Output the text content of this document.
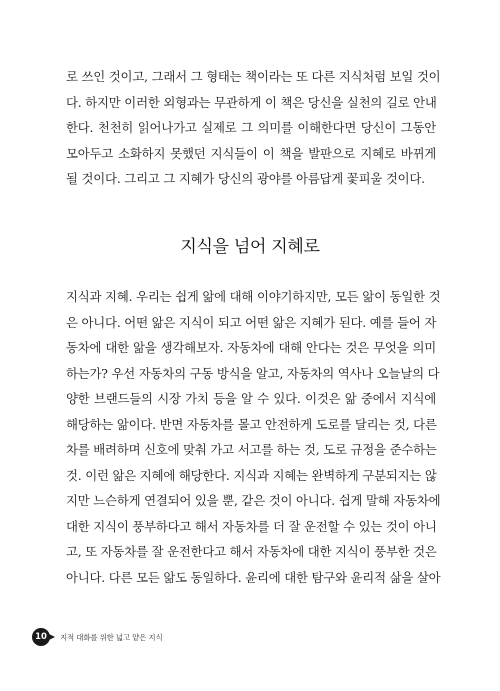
로 쓰인 것이고, 그래서 그 형태는 책이라는 또 다른 지식처럼 보일 것이
다. 하지만 이러한 외형과는 무관하게 이 책은 당신을 실천의 길로 안내
한다. 천천히 읽어나가고 실제로 그 의미를 이해한다면 당신이 그동안
모아두고 소화하지 못했던 지식들이 이 책을 발판으로 지혜로 바뀌게
될 것이다. 그리고 그 지혜가 당신의 광야를 아름답게 꽃피울 것이다.
지식을 넘어 지혜로
지식과 지혜. 우리는 쉽게 앎에 대해 이야기하지만, 모든 앎이 동일한 것
은 아니다. 어떤 앎은 지식이 되고 어떤 앎은 지혜가 된다. 예를 들어 자
동차에 대한 앎을 생각해보자. 자동차에 대해 안다는 것은 무엇을 의미
하는가? 우선 자동차의 구동 방식을 알고, 자동차의 역사나 오늘날의 다
양한 브랜드들의 시장 가치 등을 알 수 있다. 이것은 앎 중에서 지식에
해당하는 앎이다. 반면 자동차를 몰고 안전하게 도로를 달리는 것, 다른
차를 배려하며 신호에 맞춰 가고 서고를 하는 것, 도로 규정을 준수하는
것. 이런 앎은 지혜에 해당한다. 지식과 지혜는 완벽하게 구분되지는 않
지만 느슨하게 연결되어 있을 뿐, 같은 것이 아니다. 쉽게 말해 자동차에
대한 지식이 풍부하다고 해서 자동차를 더 잘 운전할 수 있는 것이 아니
고, 또 자동차를 잘 운전한다고 해서 자동차에 대한 지식이 풍부한 것은
아니다. 다른 모든 앎도 동일하다. 윤리에 대한 탐구와 윤리적 삶을 살아
10	지적 대화를 위한 넓고 얕은 지식
